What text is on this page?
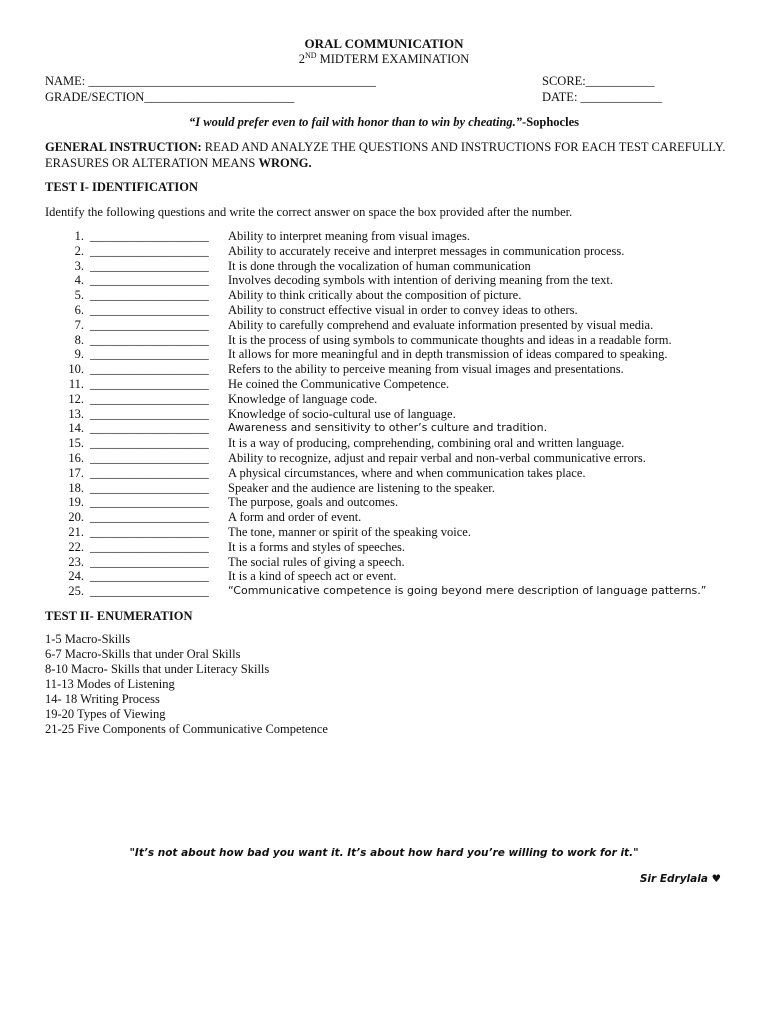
ORAL COMMUNICATION
2ND MIDTERM EXAMINATION
NAME: ______________________________________________	SCORE:___________
GRADE/SECTION________________________	DATE: _____________
“I would prefer even to fail with honor than to win by cheating.”-Sophocles
GENERAL INSTRUCTION: READ AND ANALYZE THE QUESTIONS AND INSTRUCTIONS FOR EACH TEST CAREFULLY. ERASURES OR ALTERATION MEANS WRONG.
TEST I- IDENTIFICATION
Identify the following questions and write the correct answer on space the box provided after the number.
1. ___________________ Ability to interpret meaning from visual images.
2. ___________________ Ability to accurately receive and interpret messages in communication process.
3. ___________________ It is done through the vocalization of human communication
4. ___________________ Involves decoding symbols with intention of deriving meaning from the text.
5. ___________________ Ability to think critically about the composition of picture.
6. ___________________ Ability to construct effective visual in order to convey ideas to others.
7. ___________________ Ability to carefully comprehend and evaluate information presented by visual media.
8. ___________________ It is the process of using symbols to communicate thoughts and ideas in a readable form.
9. ___________________ It allows for more meaningful and in depth transmission of ideas compared to speaking.
10. ___________________ Refers to the ability to perceive meaning from visual images and presentations.
11. ___________________ He coined the Communicative Competence.
12. ___________________ Knowledge of language code.
13. ___________________ Knowledge of socio-cultural use of language.
14. ___________________ Awareness and sensitivity to other’s culture and tradition.
15. ___________________ It is a way of producing, comprehending, combining oral and written language.
16. ___________________ Ability to recognize, adjust and repair verbal and non-verbal communicative errors.
17. ___________________ A physical circumstances, where and when communication takes place.
18. ___________________ Speaker and the audience are listening to the speaker.
19. ___________________ The purpose, goals and outcomes.
20. ___________________ A form and order of event.
21. ___________________ The tone, manner or spirit of the speaking voice.
22. ___________________ It is a forms and styles of speeches.
23. ___________________ The social rules of giving a speech.
24. ___________________ It is a kind of speech act or event.
25. ___________________ “Communicative competence is going beyond mere description of language patterns.”
TEST II- ENUMERATION
1-5 Macro-Skills
6-7 Macro-Skills that under Oral Skills
8-10 Macro- Skills that under Literacy Skills
11-13 Modes of Listening
14- 18 Writing Process
19-20 Types of Viewing
21-25 Five Components of Communicative Competence
"It’s not about how bad you want it. It’s about how hard you’re willing to work for it."
Sir Edrylala ♥
